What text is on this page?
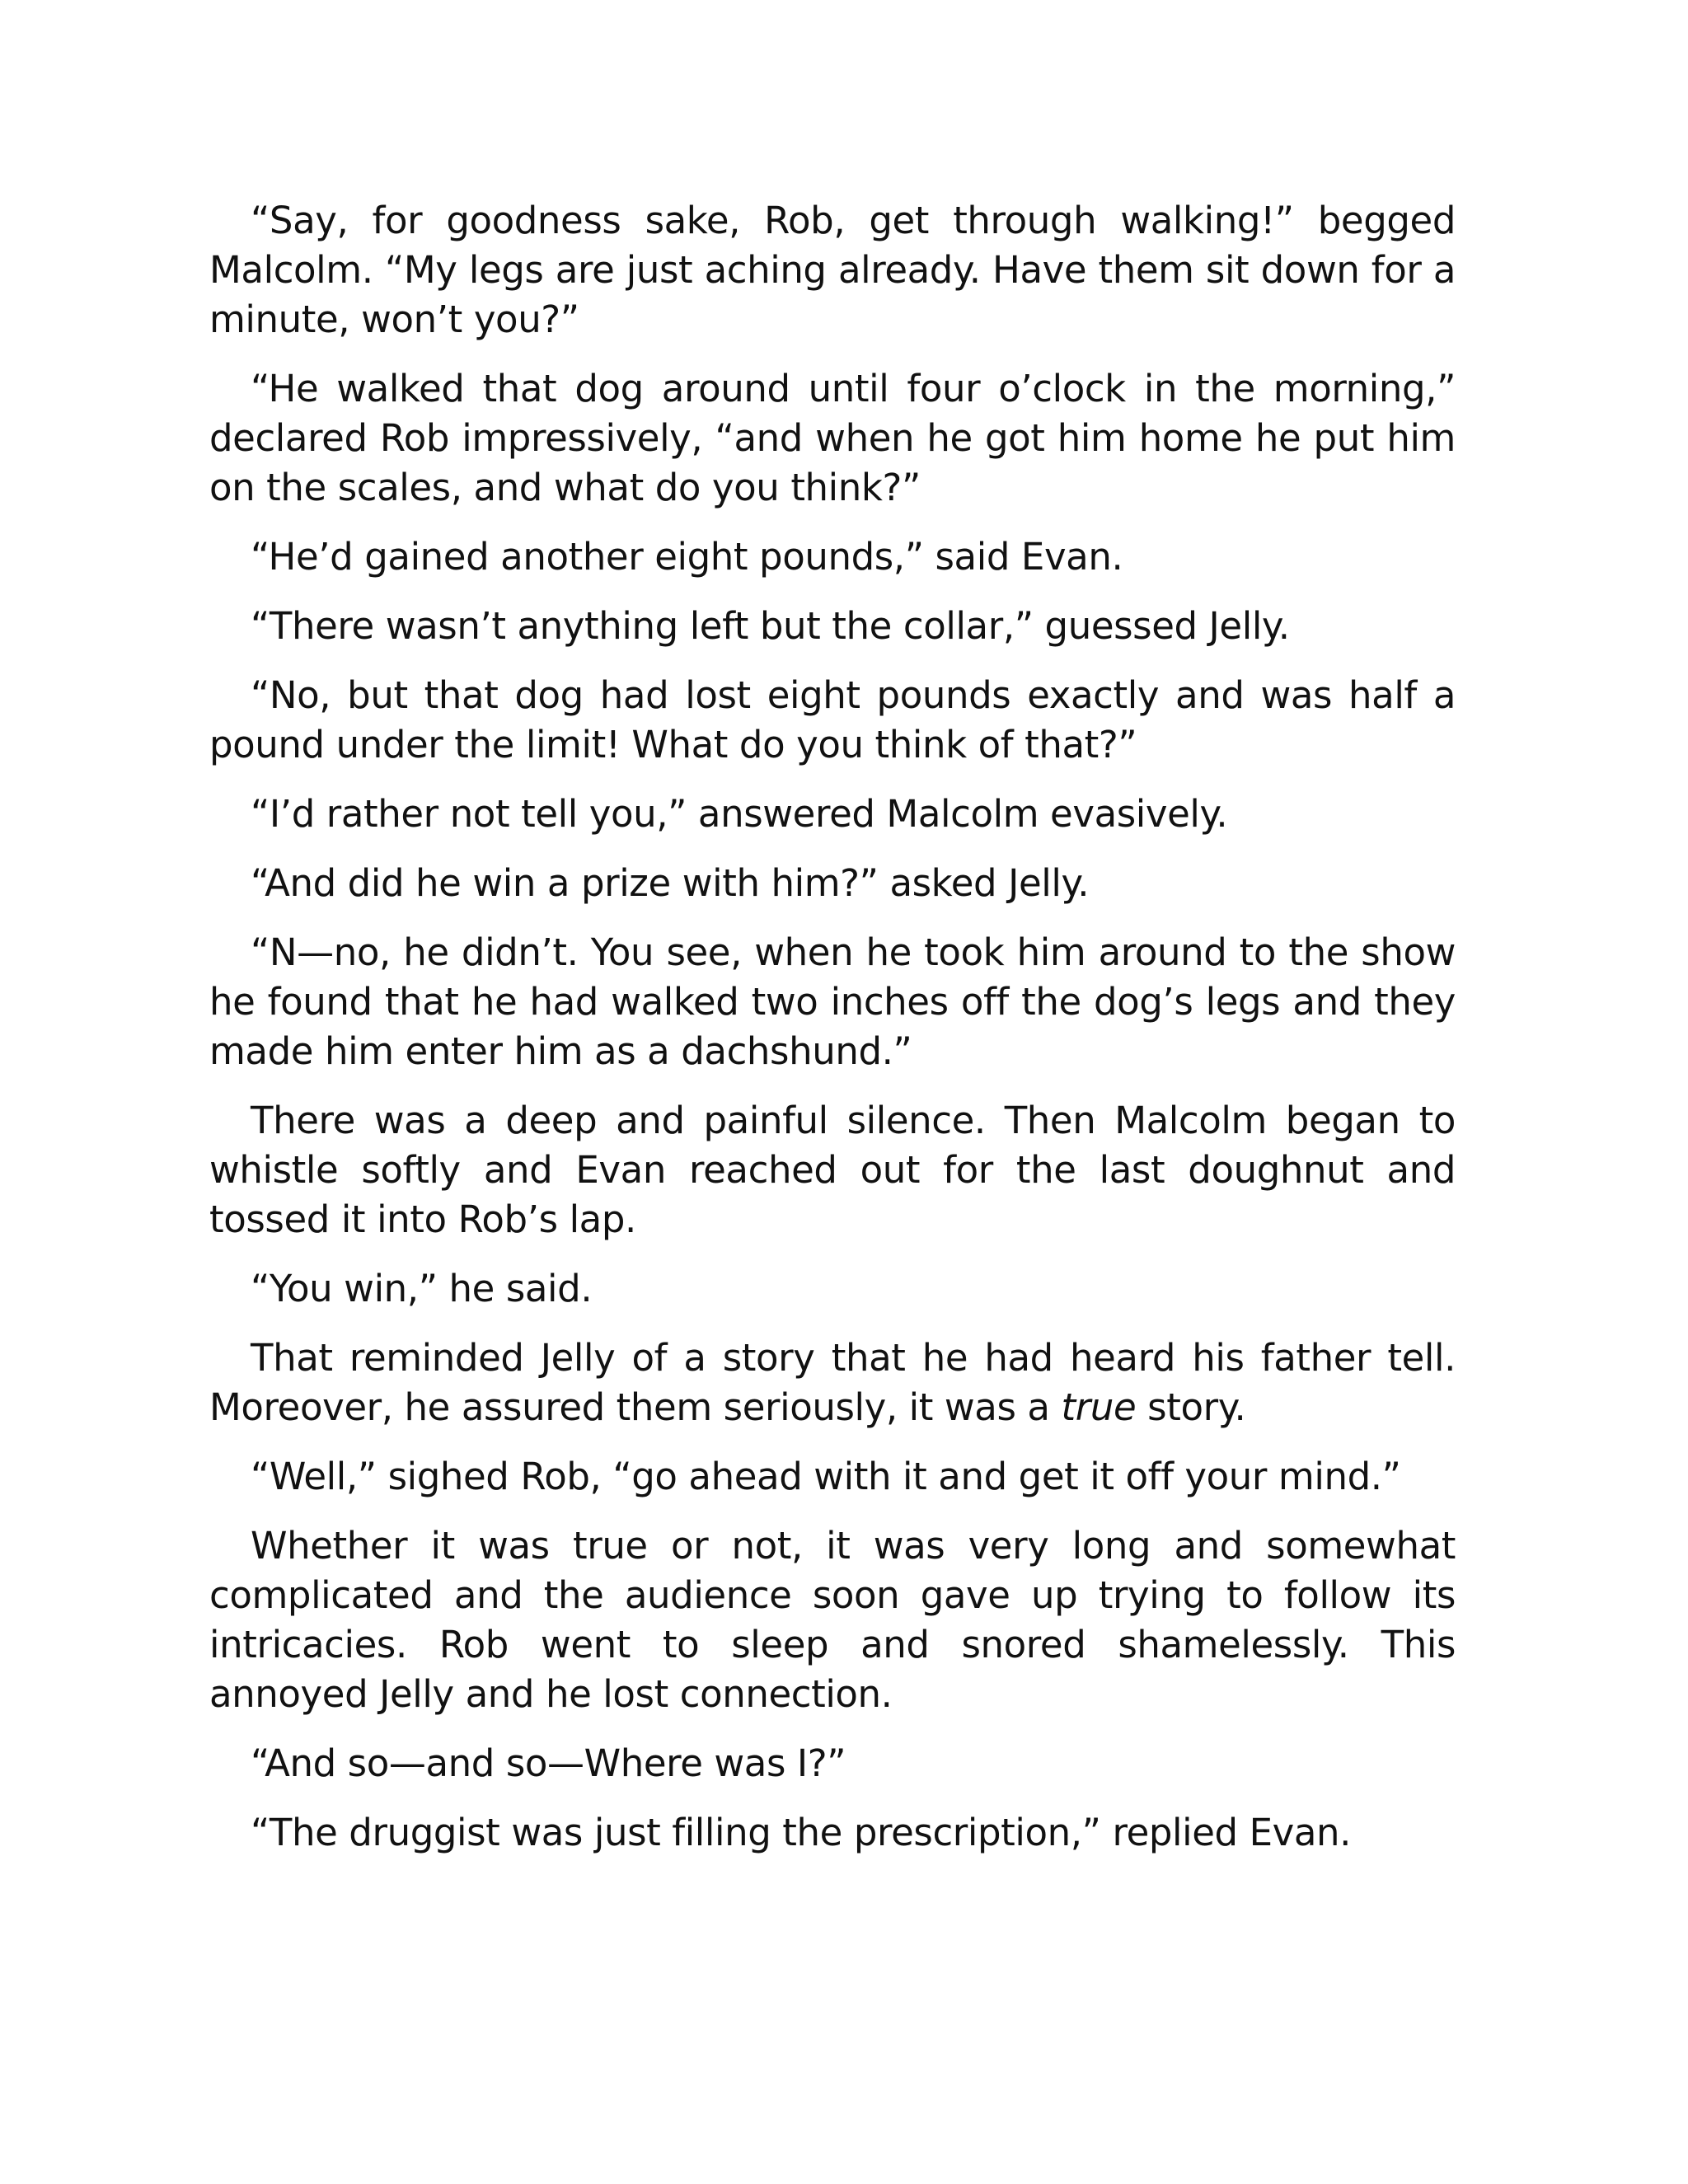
“Say, for goodness sake, Rob, get through walking!” begged Malcolm. “My legs are just aching already. Have them sit down for a minute, won’t you?”

“He walked that dog around until four o’clock in the morning,” declared Rob impressively, “and when he got him home he put him on the scales, and what do you think?”

“He’d gained another eight pounds,” said Evan.

“There wasn’t anything left but the collar,” guessed Jelly.

“No, but that dog had lost eight pounds exactly and was half a pound under the limit! What do you think of that?”

“I’d rather not tell you,” answered Malcolm evasively.

“And did he win a prize with him?” asked Jelly.

“N—no, he didn’t. You see, when he took him around to the show he found that he had walked two inches off the dog’s legs and they made him enter him as a dachshund.”

There was a deep and painful silence. Then Malcolm began to whistle softly and Evan reached out for the last doughnut and tossed it into Rob’s lap.

“You win,” he said.

That reminded Jelly of a story that he had heard his father tell. Moreover, he assured them seriously, it was a true story.

“Well,” sighed Rob, “go ahead with it and get it off your mind.”

Whether it was true or not, it was very long and somewhat complicated and the audience soon gave up trying to follow its intricacies. Rob went to sleep and snored shamelessly. This annoyed Jelly and he lost connection.

“And so—and so—Where was I?”

“The druggist was just filling the prescription,” replied Evan.
